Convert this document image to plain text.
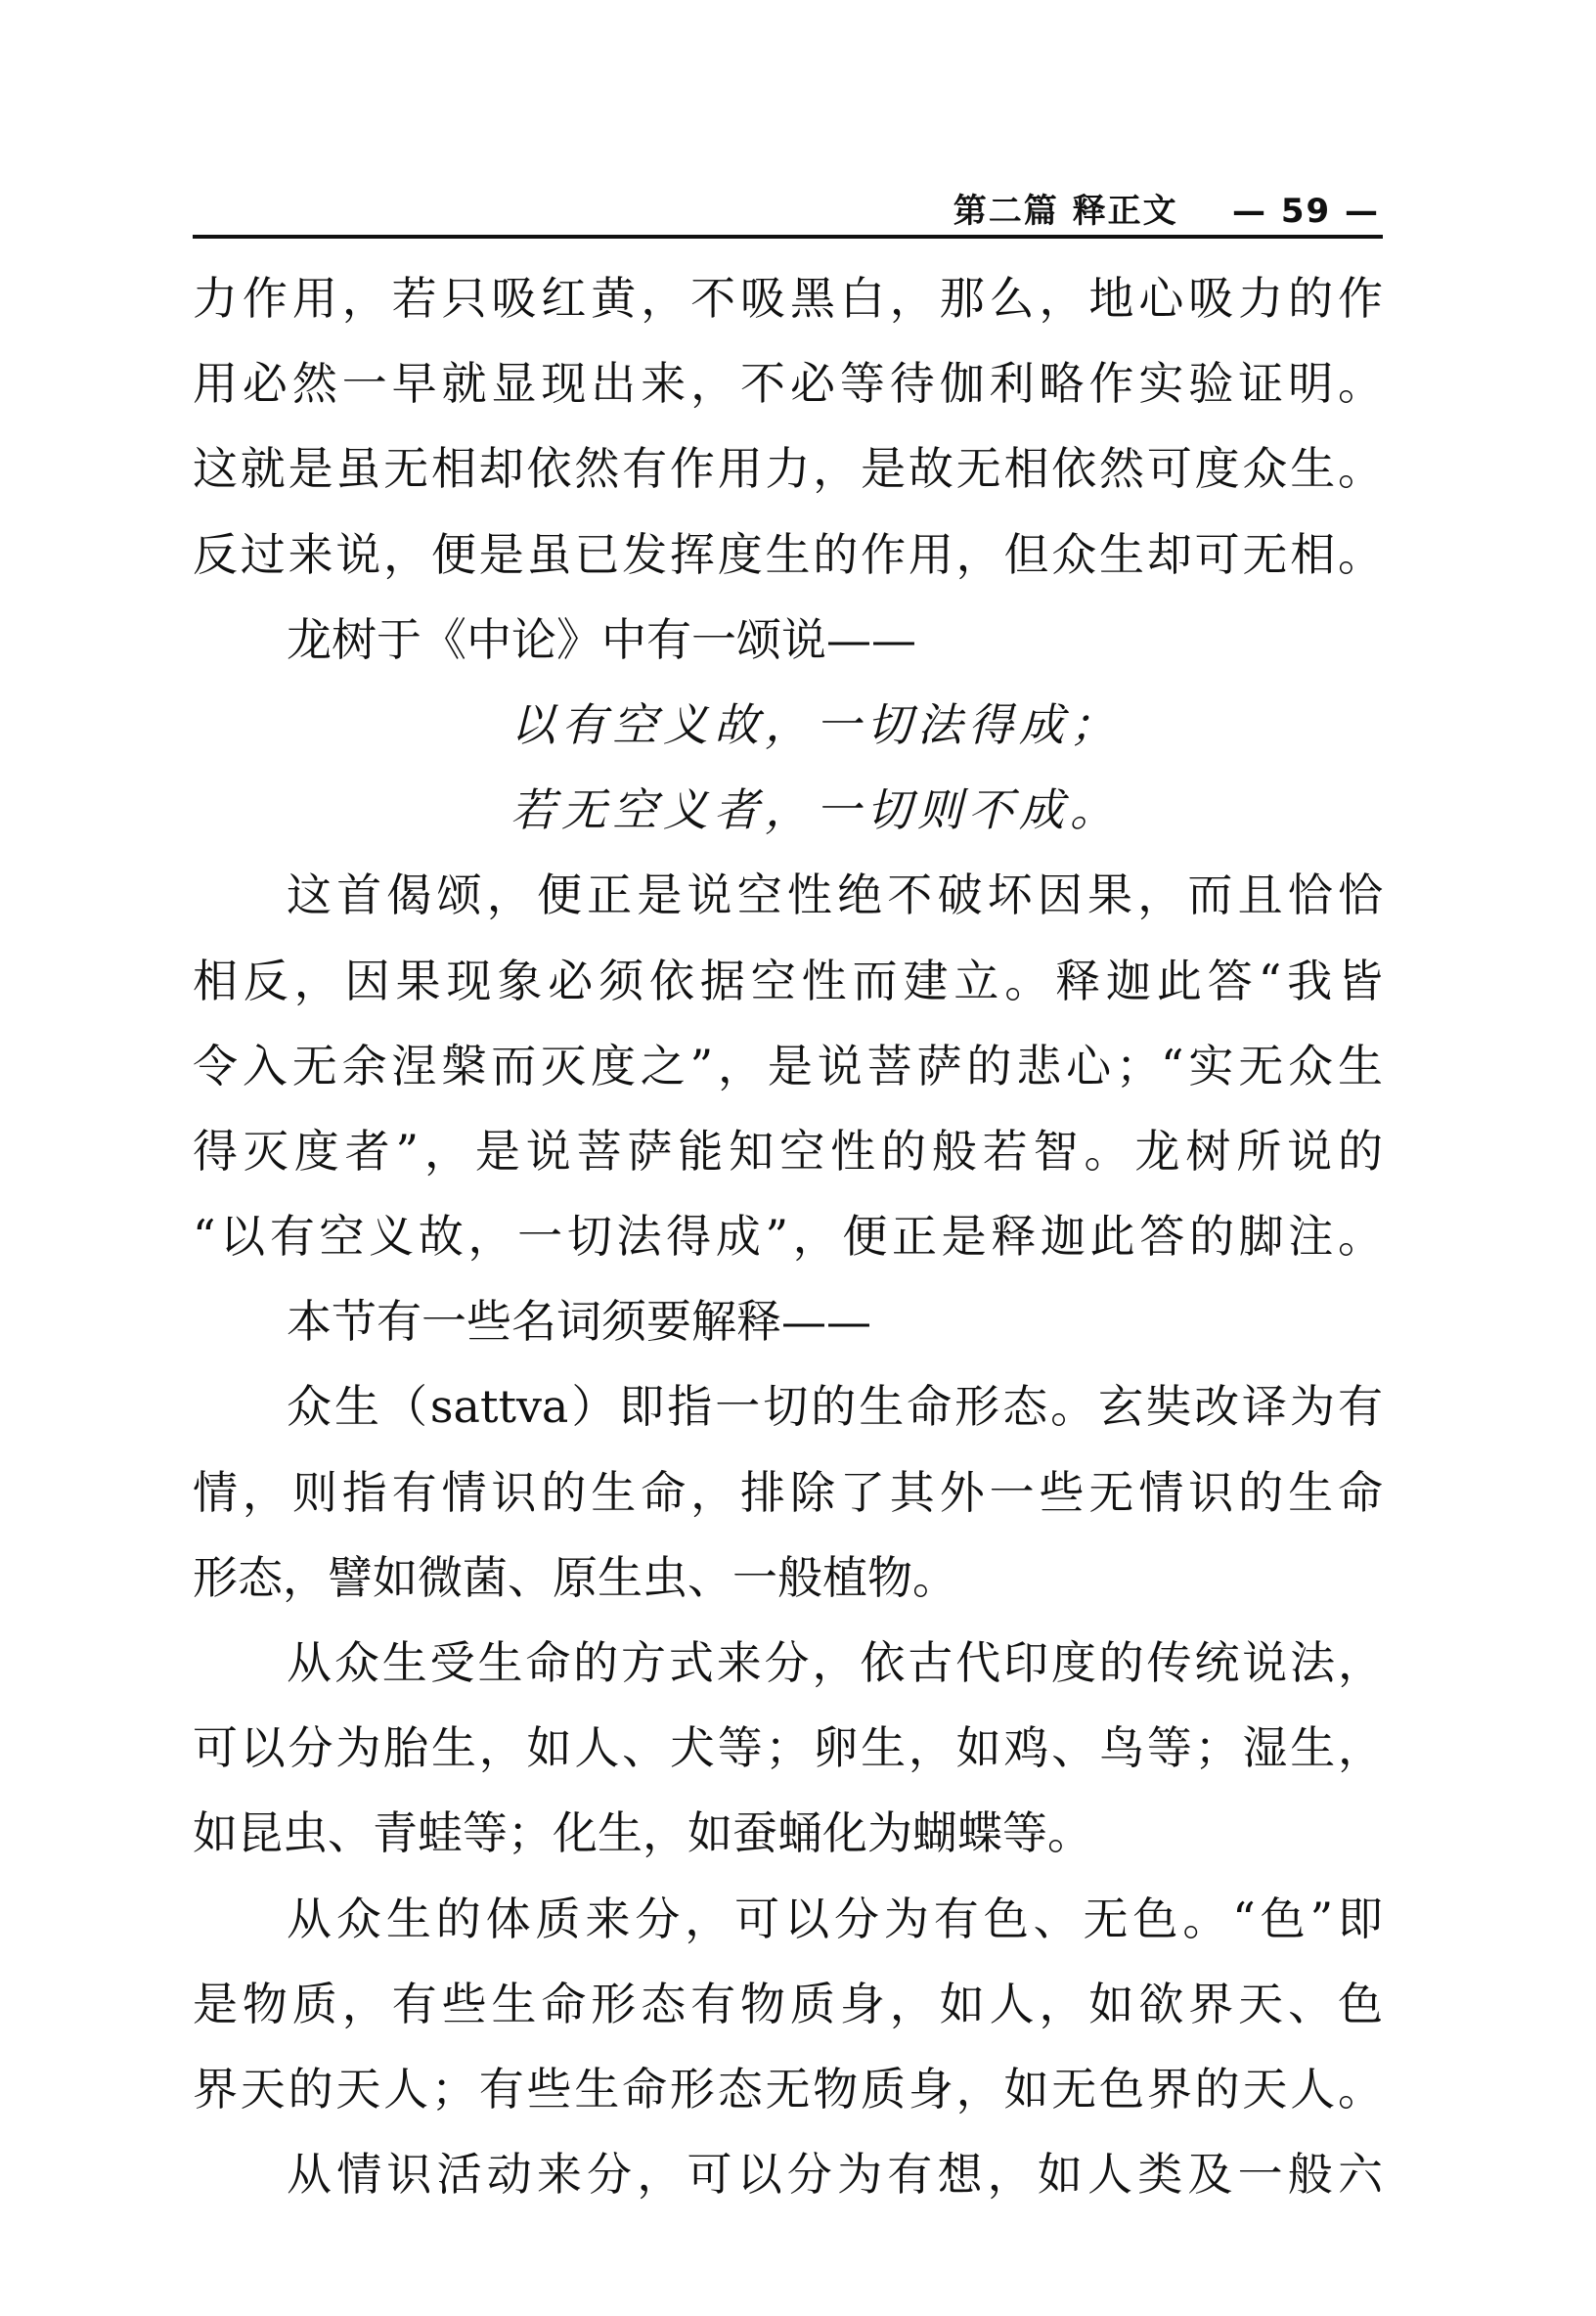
第二篇 释正文 — 59 —
力作用，若只吸红黄，不吸黑白，那么，地心吸力的作
用必然一早就显现出来，不必等待伽利略作实验证明。
这就是虽无相却依然有作用力，是故无相依然可度众生。
反过来说，便是虽已发挥度生的作用，但众生却可无相。
龙树于《中论》中有一颂说——
以有空义故，一切法得成；
若无空义者，一切则不成。
这首偈颂，便正是说空性绝不破坏因果，而且恰恰
相反，因果现象必须依据空性而建立。释迦此答“我皆
令入无余涅槃而灭度之”，是说菩萨的悲心；“实无众生
得灭度者”，是说菩萨能知空性的般若智。龙树所说的
“以有空义故，一切法得成”，便正是释迦此答的脚注。
本节有一些名词须要解释——
众生（sattva）即指一切的生命形态。玄奘改译为有
情，则指有情识的生命，排除了其外一些无情识的生命
形态，譬如微菌、原生虫、一般植物。
从众生受生命的方式来分，依古代印度的传统说法，
可以分为胎生，如人、犬等；卵生，如鸡、鸟等；湿生，
如昆虫、青蛙等；化生，如蚕蛹化为蝴蝶等。
从众生的体质来分，可以分为有色、无色。“色”即
是物质，有些生命形态有物质身，如人，如欲界天、色
界天的天人；有些生命形态无物质身，如无色界的天人。
从情识活动来分，可以分为有想，如人类及一般六
